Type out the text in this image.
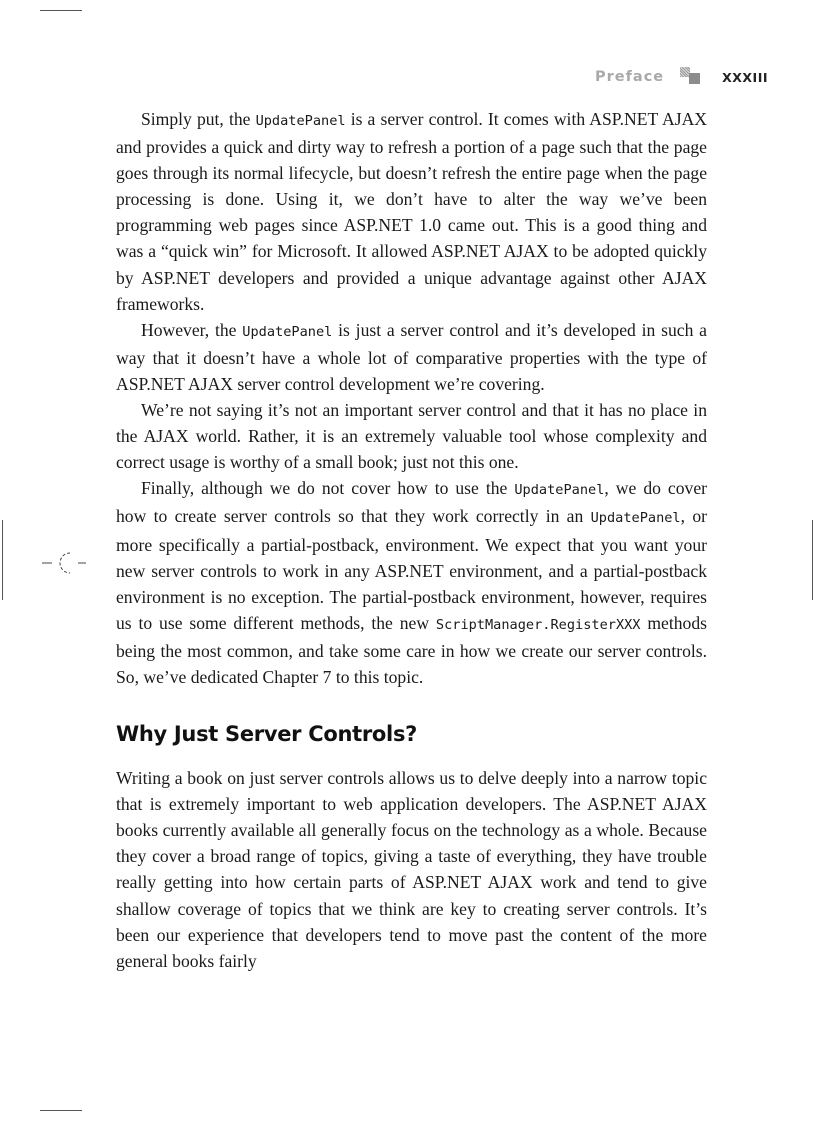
Preface	XXXIII

Simply put, the UpdatePanel is a server control. It comes with ASP.NET AJAX and provides a quick and dirty way to refresh a portion of a page such that the page goes through its normal lifecycle, but doesn’t refresh the entire page when the page processing is done. Using it, we don’t have to alter the way we’ve been programming web pages since ASP.NET 1.0 came out. This is a good thing and was a “quick win” for Microsoft. It allowed ASP.NET AJAX to be adopted quickly by ASP.NET developers and provided a unique advantage against other AJAX frameworks.

However, the UpdatePanel is just a server control and it’s developed in such a way that it doesn’t have a whole lot of comparative properties with the type of ASP.NET AJAX server control development we’re covering.

We’re not saying it’s not an important server control and that it has no place in the AJAX world. Rather, it is an extremely valuable tool whose complexity and correct usage is worthy of a small book; just not this one.

Finally, although we do not cover how to use the UpdatePanel, we do cover how to create server controls so that they work correctly in an UpdatePanel, or more specifically a partial-postback, environment. We expect that you want your new server controls to work in any ASP.NET environment, and a partial-postback environment is no exception. The partial-postback environment, however, requires us to use some different methods, the new ScriptManager.RegisterXXX methods being the most common, and take some care in how we create our server controls. So, we’ve dedicated Chapter 7 to this topic.

Why Just Server Controls?

Writing a book on just server controls allows us to delve deeply into a narrow topic that is extremely important to web application developers. The ASP.NET AJAX books currently available all generally focus on the technology as a whole. Because they cover a broad range of topics, giving a taste of everything, they have trouble really getting into how certain parts of ASP.NET AJAX work and tend to give shallow coverage of topics that we think are key to creating server controls. It’s been our experience that developers tend to move past the content of the more general books fairly
